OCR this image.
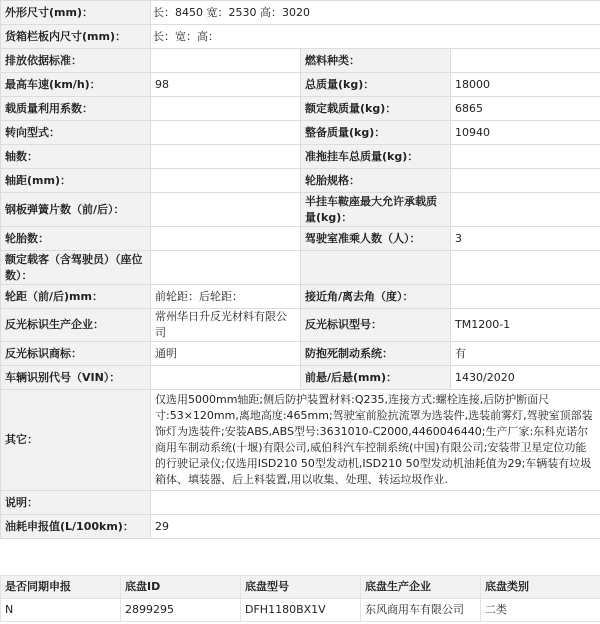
外形尺寸(mm)：	长：8450 宽：2530 高：3020		
货箱栏板内尺寸(mm)：	长：宽：高：		
排放依据标准：		燃料种类：	
最高车速(km/h)：	98	总质量(kg)：	18000
载质量利用系数：		额定载质量(kg)：	6865
转向型式：		整备质量(kg)：	10940
轴数：		准拖挂车总质量(kg)：	
轴距(mm)：		轮胎规格：	
钢板弹簧片数（前/后）：		半挂车鞍座最大允许承载质量(kg)：	
轮胎数：		驾驶室准乘人数（人）：	3
额定载客（含驾驶员）（座位数）：			
轮距（前/后)mm：	前轮距：后轮距：	接近角/离去角（度）：	
反光标识生产企业：	常州华日升反光材料有限公司	反光标识型号：	TM1200-1
反光标识商标：	通明	防抱死制动系统：	有
车辆识别代号（VIN）：		前悬/后悬(mm)：	1430/2020
其它：	仅选用5000mm轴距;侧后防护装置材料:Q235,连接方式:螺栓连接,后防护断面尺寸:53×120mm,离地高度:465mm;驾驶室前脸抗流罩为选装件,选装前雾灯,驾驶室顶部装饰灯为选装件;安装ABS,ABS型号:3631010-C2000,4460046440;生产厂家:东科克诺尔商用车制动系统(十堰)有限公司,威伯科汽车控制系统(中国)有限公司;安装带卫星定位功能的行驶记录仪;仅选用ISD210 50型发动机,ISD210 50型发动机油耗值为29;车辆装有垃圾箱体、填装器、后上料装置,用以收集、处理、转运垃圾作业.		
说明：			
油耗申报值(L/100km)：	29		
是否同期申报	底盘ID	底盘型号	底盘生产企业	底盘类别
N	2899295	DFH1180BX1V	东风商用车有限公司	二类
